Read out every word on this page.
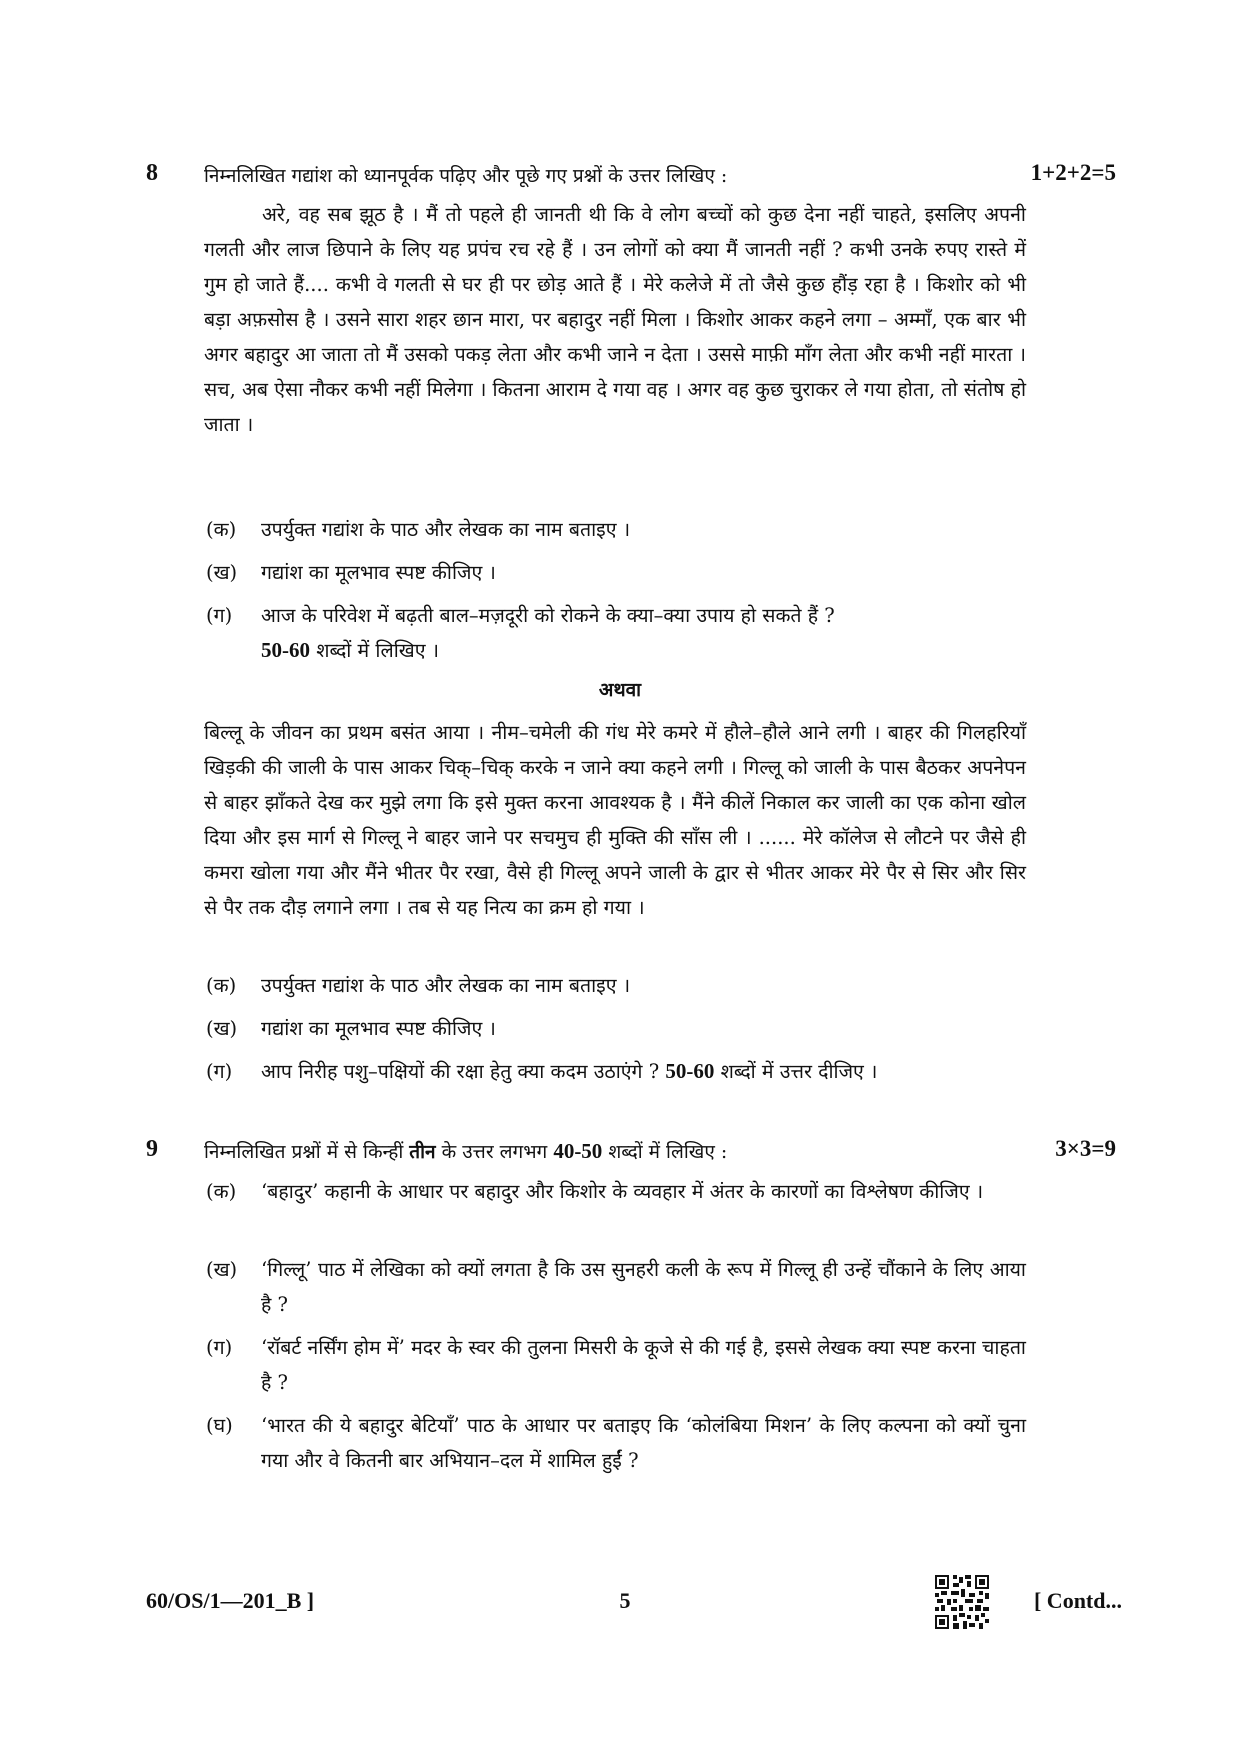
8 निम्नलिखित गद्यांश को ध्यानपूर्वक पढ़िए और पूछे गए प्रश्नों के उत्तर लिखिए :	1+2+2=5
अरे, वह सब झूठ है । मैं तो पहले ही जानती थी कि वे लोग बच्चों को कुछ देना नहीं चाहते, इसलिए अपनी गलती और लाज छिपाने के लिए यह प्रपंच रच रहे हैं । उन लोगों को क्या मैं जानती नहीं ? कभी उनके रुपए रास्ते में गुम हो जाते हैं.... कभी वे गलती से घर ही पर छोड़ आते हैं । मेरे कलेजे में तो जैसे कुछ हौंड़ रहा है । किशोर को भी बड़ा अफ़सोस है । उसने सारा शहर छान मारा, पर बहादुर नहीं मिला । किशोर आकर कहने लगा – अम्माँ, एक बार भी अगर बहादुर आ जाता तो मैं उसको पकड़ लेता और कभी जाने न देता । उससे माफ़ी माँग लेता और कभी नहीं मारता । सच, अब ऐसा नौकर कभी नहीं मिलेगा । कितना आराम दे गया वह । अगर वह कुछ चुराकर ले गया होता, तो संतोष हो जाता ।
(क) उपर्युक्त गद्यांश के पाठ और लेखक का नाम बताइए ।
(ख) गद्यांश का मूलभाव स्पष्ट कीजिए ।
(ग) आज के परिवेश में बढ़ती बाल–मज़दूरी को रोकने के क्या–क्या उपाय हो सकते हैं ?
50-60 शब्दों में लिखिए ।
अथवा
बिल्लू के जीवन का प्रथम बसंत आया । नीम–चमेली की गंध मेरे कमरे में हौले–हौले आने लगी । बाहर की गिलहरियाँ खिड़की की जाली के पास आकर चिक्–चिक् करके न जाने क्या कहने लगी । गिल्लू को जाली के पास बैठकर अपनेपन से बाहर झाँकते देख कर मुझे लगा कि इसे मुक्त करना आवश्यक है । मैंने कीलें निकाल कर जाली का एक कोना खोल दिया और इस मार्ग से गिल्लू ने बाहर जाने पर सचमुच ही मुक्ति की साँस ली । ...... मेरे कॉलेज से लौटने पर जैसे ही कमरा खोला गया और मैंने भीतर पैर रखा, वैसे ही गिल्लू अपने जाली के द्वार से भीतर आकर मेरे पैर से सिर और सिर से पैर तक दौड़ लगाने लगा । तब से यह नित्य का क्रम हो गया ।
(क) उपर्युक्त गद्यांश के पाठ और लेखक का नाम बताइए ।
(ख) गद्यांश का मूलभाव स्पष्ट कीजिए ।
(ग) आप निरीह पशु–पक्षियों की रक्षा हेतु क्या कदम उठाएंगे ? 50-60 शब्दों में उत्तर दीजिए ।
9 निम्नलिखित प्रश्नों में से किन्हीं तीन के उत्तर लगभग 40-50 शब्दों में लिखिए :	3×3=9
(क) ‘बहादुर’ कहानी के आधार पर बहादुर और किशोर के व्यवहार में अंतर के कारणों का विश्लेषण कीजिए ।
(ख) ‘गिल्लू’ पाठ में लेखिका को क्यों लगता है कि उस सुनहरी कली के रूप में गिल्लू ही उन्हें चौंकाने के लिए आया है ?
(ग) ‘रॉबर्ट नर्सिंग होम में’ मदर के स्वर की तुलना मिसरी के कूजे से की गई है, इससे लेखक क्या स्पष्ट करना चाहता है ?
(घ) ‘भारत की ये बहादुर बेटियाँ’ पाठ के आधार पर बताइए कि ‘कोलंबिया मिशन’ के लिए कल्पना को क्यों चुना गया और वे कितनी बार अभियान–दल में शामिल हुईं ?
60/OS/1—201_B ]	5	[ Contd...
